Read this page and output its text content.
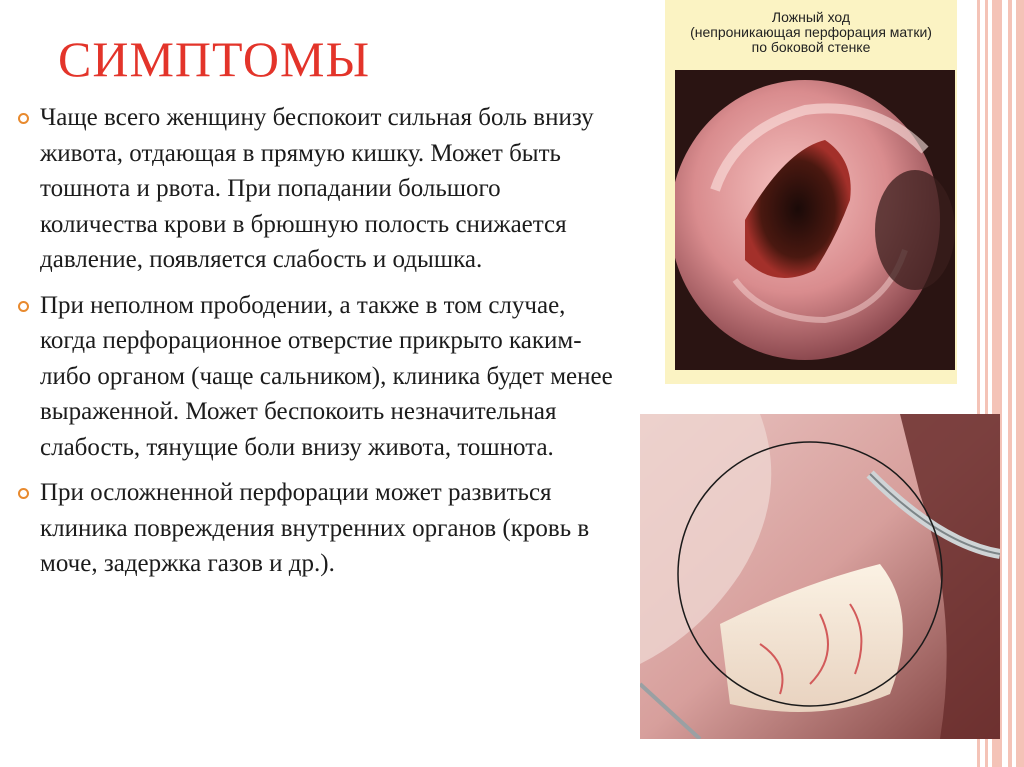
СИМПТОМЫ
Чаще всего женщину беспокоит сильная боль внизу живота, отдающая в прямую кишку. Может быть тошнота и рвота. При попадании большого количества крови в брюшную полость снижается давление, появляется слабость и одышка.
При неполном прободении, а также в том случае, когда перфорационное отверстие прикрыто каким-либо органом (чаще сальником), клиника будет менее выраженной. Может беспокоить незначительная слабость, тянущие боли внизу живота, тошнота.
При осложненной перфорации может развиться клиника повреждения внутренних органов (кровь в моче, задержка газов и др.).
Ложный ход
(непроникающая перфорация матки)
по боковой стенке
